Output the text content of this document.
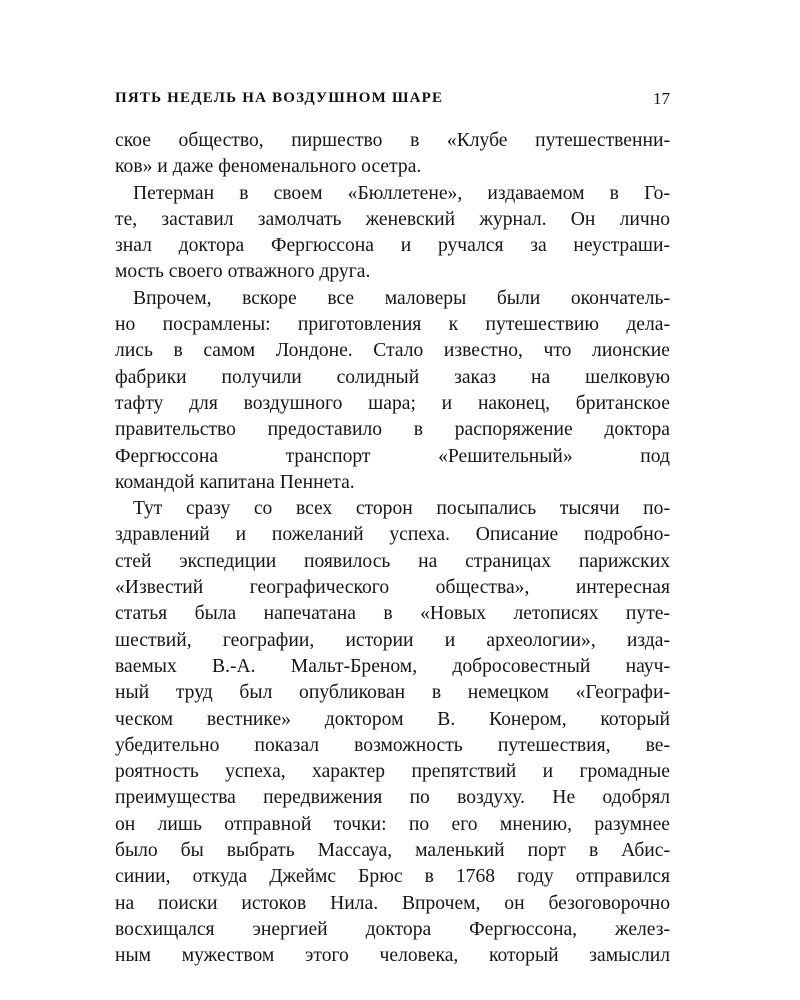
ПЯТЬ НЕДЕЛЬ НА ВОЗДУШНОМ ШАРЕ	17
ское общество, пиршество в «Клубе путешественни-
ков» и даже феноменального осетра.
Петерман в своем «Бюллетене», издаваемом в Го-
те, заставил замолчать женевский журнал. Он лично
знал доктора Фергюссона и ручался за неустраши-
мость своего отважного друга.
Впрочем, вскоре все маловеры были окончатель-
но посрамлены: приготовления к путешествию дела-
лись в самом Лондоне. Стало известно, что лионские
фабрики получили солидный заказ на шелковую
тафту для воздушного шара; и наконец, британское
правительство предоставило в распоряжение доктора
Фергюссона транспорт «Решительный» под
командой капитана Пеннета.
Тут сразу со всех сторон посыпались тысячи по-
здравлений и пожеланий успеха. Описание подробно-
стей экспедиции появилось на страницах парижских
«Известий географического общества», интересная
статья была напечатана в «Новых летописях путе-
шествий, географии, истории и археологии», изда-
ваемых В.-А. Мальт-Бреном, добросовестный науч-
ный труд был опубликован в немецком «Географи-
ческом вестнике» доктором В. Конером, который
убедительно показал возможность путешествия, ве-
роятность успеха, характер препятствий и громадные
преимущества передвижения по воздуху. Не одобрял
он лишь отправной точки: по его мнению, разумнее
было бы выбрать Массауа, маленький порт в Абис-
синии, откуда Джеймс Брюс в 1768 году отправился
на поиски истоков Нила. Впрочем, он безоговорочно
восхищался энергией доктора Фергюссона, желез-
ным мужеством этого человека, который замыслил
